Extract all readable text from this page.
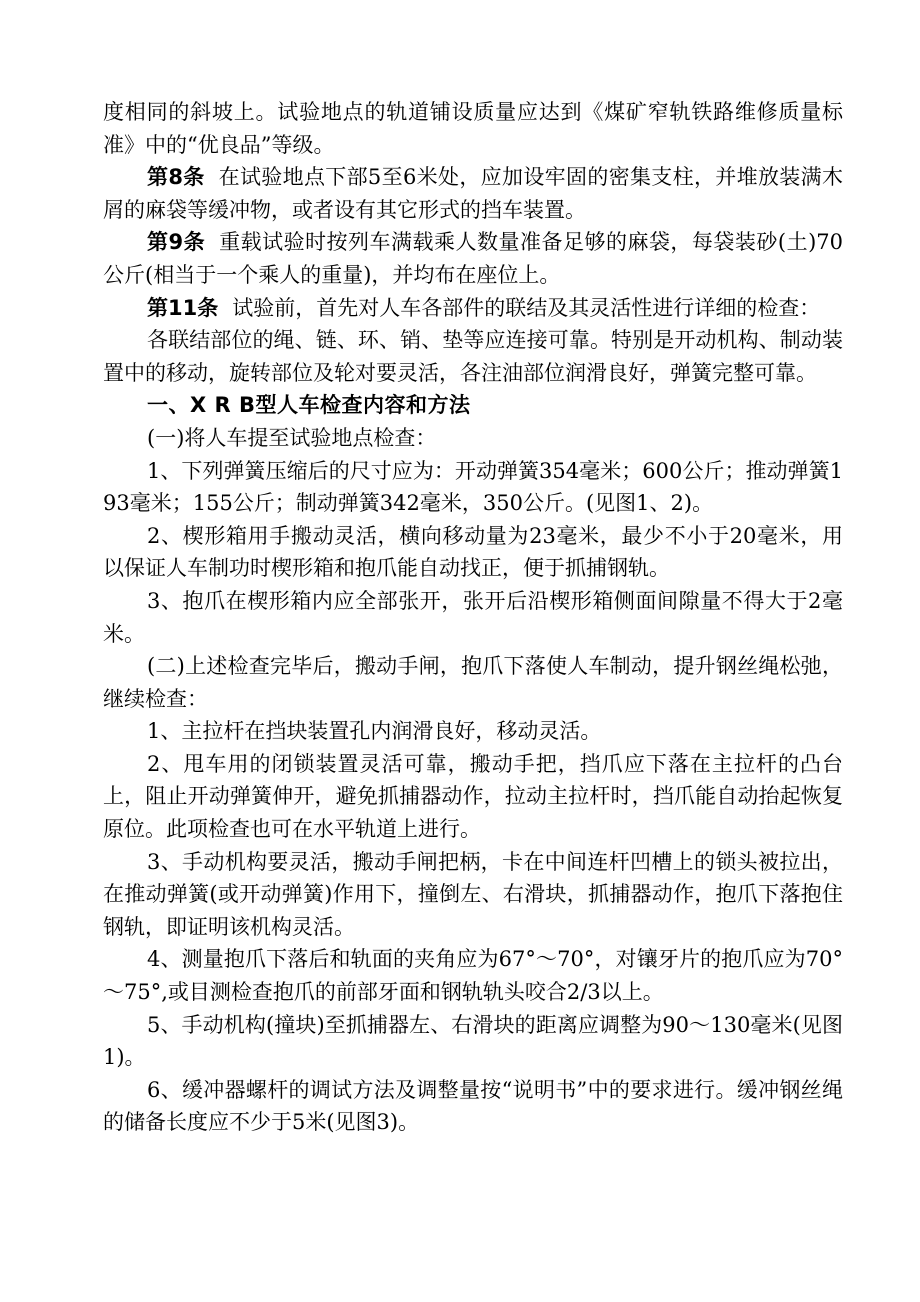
度相同的斜坡上。试验地点的轨道铺设质量应达到《煤矿窄轨铁路维修质量标准》中的“优良品”等级。

第8条 在试验地点下部5至6米处，应加设牢固的密集支柱，并堆放装满木屑的麻袋等缓冲物，或者设有其它形式的挡车装置。

第9条 重载试验时按列车满载乘人数量准备足够的麻袋，每袋装砂(土)70公斤(相当于一个乘人的重量)，并均布在座位上。

第11条 试验前，首先对人车各部件的联结及其灵活性进行详细的检查：

各联结部位的绳、链、环、销、垫等应连接可靠。特别是开动机构、制动装置中的移动，旋转部位及轮对要灵活，各注油部位润滑良好，弹簧完整可靠。

一、X R B型人车检查内容和方法

(一)将人车提至试验地点检查：

1、下列弹簧压缩后的尺寸应为：开动弹簧354毫米；600公斤；推动弹簧193毫米；155公斤；制动弹簧342毫米，350公斤。(见图1、2)。

2、楔形箱用手搬动灵活，横向移动量为23毫米，最少不小于20毫米，用以保证人车制功时楔形箱和抱爪能自动找正，便于抓捕钢轨。

3、抱爪在楔形箱内应全部张开，张开后沿楔形箱侧面间隙量不得大于2毫米。

(二)上述检查完毕后，搬动手闸，抱爪下落使人车制动，提升钢丝绳松弛，继续检查：

1、主拉杆在挡块装置孔内润滑良好，移动灵活。

2、甩车用的闭锁装置灵活可靠，搬动手把，挡爪应下落在主拉杆的凸台上，阻止开动弹簧伸开，避免抓捕器动作，拉动主拉杆时，挡爪能自动抬起恢复原位。此项检查也可在水平轨道上进行。

3、手动机构要灵活，搬动手闸把柄，卡在中间连杆凹槽上的锁头被拉出，在推动弹簧(或开动弹簧)作用下，撞倒左、右滑块，抓捕器动作，抱爪下落抱住钢轨，即证明该机构灵活。

4、测量抱爪下落后和轨面的夹角应为67°～70°，对镶牙片的抱爪应为70°～75°,或目测检查抱爪的前部牙面和钢轨轨头咬合2/3以上。

5、手动机构(撞块)至抓捕器左、右滑块的距离应调整为90～130毫米(见图1)。

6、缓冲器螺杆的调试方法及调整量按“说明书”中的要求进行。缓冲钢丝绳的储备长度应不少于5米(见图3)。
